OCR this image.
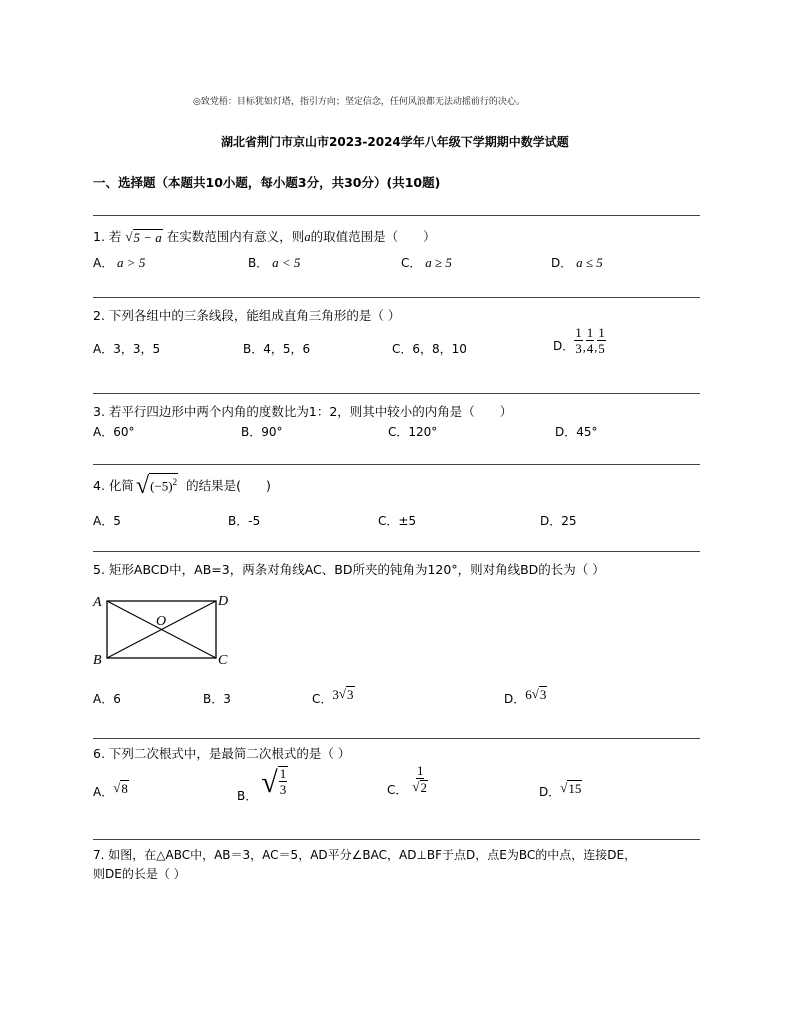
◎致党梧：目标犹如灯塔，指引方向；坚定信念，任何风浪都无法动摇前行的决心。
湖北省荆门市京山市2023-2024学年八年级下学期期中数学试题
一、选择题（本题共10小题，每小题3分，共30分）(共10题)
1. 若 √ 5 − a 在实数范围内有意义，则a的取值范围是（　　）
A． a > 5	B． a < 5	C． a ≥ 5	D． a ≤ 5
2. 下列各组中的三条线段，能组成直角三角形的是（ ）
A．3，3，5	B．4，5，6	C．6，8，10	D． $\frac{1}{3}$ , $\frac{1}{4}$ , $\frac{1}{5}$
3. 若平行四边形中两个内角的度数比为1：2，则其中较小的内角是（　　）
A．60°	B．90°	C．120°	D．45°
4. 化简 √ $(-5)^2$ 的结果是(　　)
A．5	B．-5	C．±5	D．25
5. 矩形ABCD中，AB=3，两条对角线AC、BD所夹的钝角为120°，则对角线BD的长为（ ）
A	D
B	C
O
A．6	B．3	C． 3 √ 3	D． 6 √ 3
6. 下列二次根式中，是最简二次根式的是（ ）
A． √ 8	B． √ $\frac{1}{3}$	C． $\frac{1}{√ 2}$	D． √ 15
7. 如图，在△ABC中，AB＝3，AC＝5，AD平分∠BAC，AD⊥BF于点D，点E为BC的中点，连接DE，
则DE的长是（ ）
